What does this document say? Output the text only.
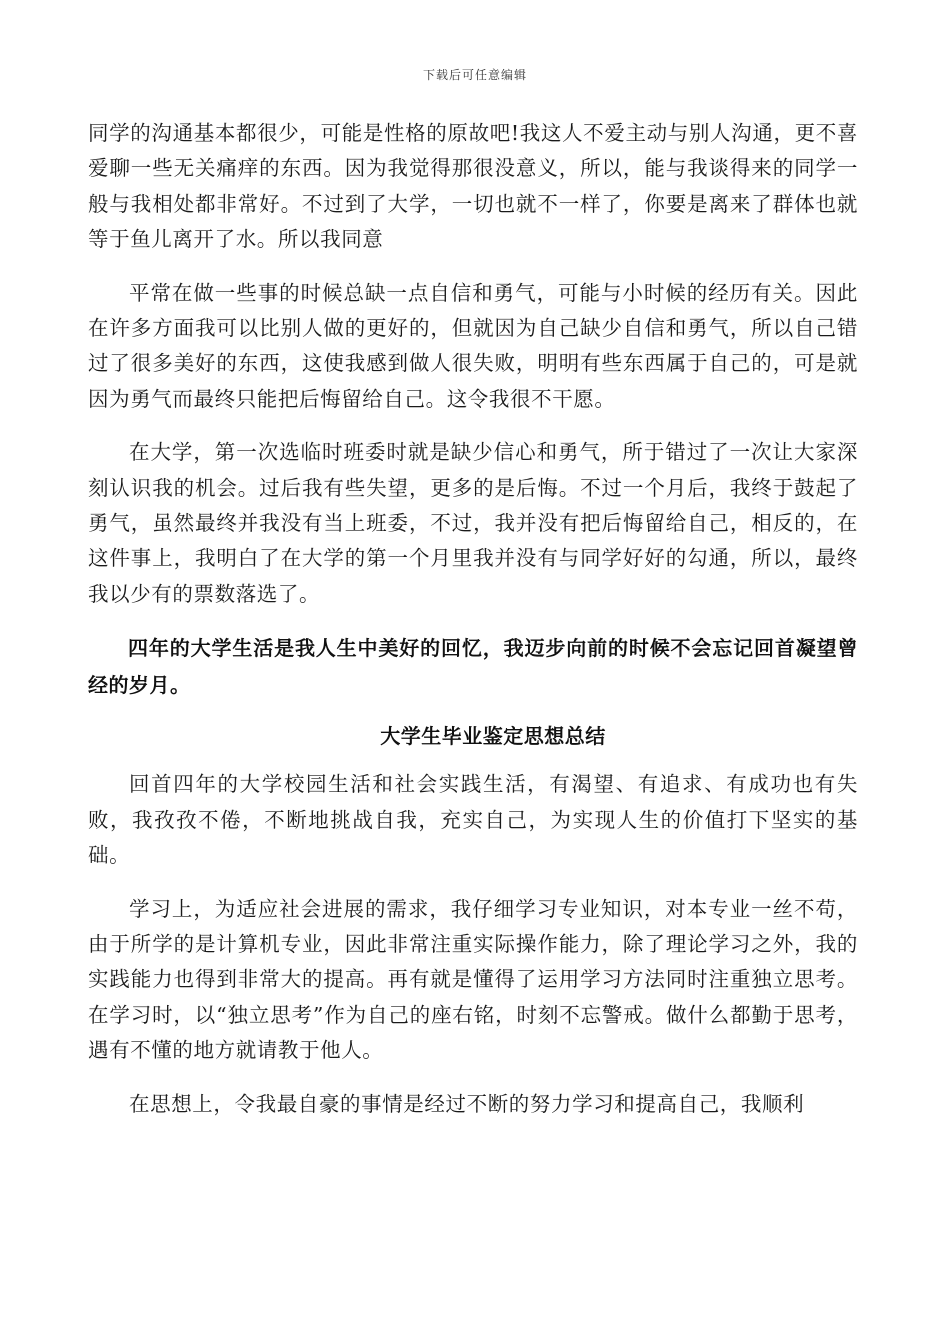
下载后可任意编辑

同学的沟通基本都很少，可能是性格的原故吧!我这人不爱主动与别人沟通，更不喜爱聊一些无关痛痒的东西。因为我觉得那很没意义，所以，能与我谈得来的同学一般与我相处都非常好。不过到了大学，一切也就不一样了，你要是离来了群体也就等于鱼儿离开了水。所以我同意

平常在做一些事的时候总缺一点自信和勇气，可能与小时候的经历有关。因此在许多方面我可以比别人做的更好的，但就因为自己缺少自信和勇气，所以自己错过了很多美好的东西，这使我感到做人很失败，明明有些东西属于自己的，可是就因为勇气而最终只能把后悔留给自己。这令我很不干愿。

在大学，第一次选临时班委时就是缺少信心和勇气，所于错过了一次让大家深刻认识我的机会。过后我有些失望，更多的是后悔。不过一个月后，我终于鼓起了勇气，虽然最终并我没有当上班委，不过，我并没有把后悔留给自己，相反的，在这件事上，我明白了在大学的第一个月里我并没有与同学好好的勾通，所以，最终我以少有的票数落选了。

四年的大学生活是我人生中美好的回忆，我迈步向前的时候不会忘记回首凝望曾经的岁月。

大学生毕业鉴定思想总结

回首四年的大学校园生活和社会实践生活，有渴望、有追求、有成功也有失败，我孜孜不倦，不断地挑战自我，充实自己，为实现人生的价值打下坚实的基础。

学习上，为适应社会进展的需求，我仔细学习专业知识，对本专业一丝不苟，由于所学的是计算机专业，因此非常注重实际操作能力，除了理论学习之外，我的实践能力也得到非常大的提高。再有就是懂得了运用学习方法同时注重独立思考。在学习时，以“独立思考”作为自己的座右铭，时刻不忘警戒。做什么都勤于思考，遇有不懂的地方就请教于他人。

在思想上，令我最自豪的事情是经过不断的努力学习和提高自己，我顺利
